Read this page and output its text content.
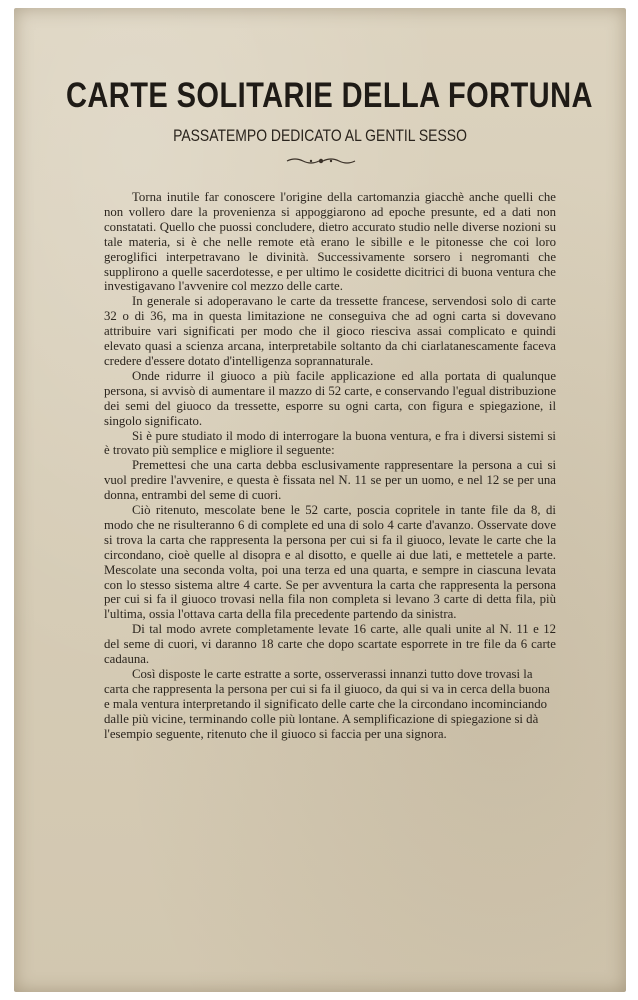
CARTE SOLITARIE DELLA FORTUNA
PASSATEMPO DEDICATO AL GENTIL SESSO

Torna inutile far conoscere l'origine della cartomanzia giacchè anche quelli che non vollero dare la provenienza si appoggiarono ad epoche presunte, ed a dati non constatati. Quello che puossi concludere, dietro accurato studio nelle diverse nozioni su tale materia, si è che nelle remote età erano le sibille e le pitonesse che coi loro geroglifici interpetravano le divinità. Successivamente sorsero i negromanti che supplirono a quelle sacerdotesse, e per ultimo le cosidette dicitrici di buona ventura che investigavano l'avvenire col mezzo delle carte.

In generale si adoperavano le carte da tressette francese, servendosi solo di carte 32 o di 36, ma in questa limitazione ne conseguiva che ad ogni carta si dovevano attribuire vari significati per modo che il gioco riesciva assai complicato e quindi elevato quasi a scienza arcana, interpretabile soltanto da chi ciarlatanescamente faceva credere d'essere dotato d'intelligenza soprannaturale.

Onde ridurre il giuoco a più facile applicazione ed alla portata di qualunque persona, si avvisò di aumentare il mazzo di 52 carte, e conservando l'egual distribuzione dei semi del giuoco da tressette, esporre su ogni carta, con figura e spiegazione, il singolo significato.

Si è pure studiato il modo di interrogare la buona ventura, e fra i diversi sistemi si è trovato più semplice e migliore il seguente:

Premettesi che una carta debba esclusivamente rappresentare la persona a cui si vuol predire l'avvenire, e questa è fissata nel N. 11 se per un uomo, e nel 12 se per una donna, entrambi del seme di cuori.

Ciò ritenuto, mescolate bene le 52 carte, poscia copritele in tante file da 8, di modo che ne risulteranno 6 di complete ed una di solo 4 carte d'avanzo. Osservate dove si trova la carta che rappresenta la persona per cui si fa il giuoco, levate le carte che la circondano, cioè quelle al disopra e al disotto, e quelle ai due lati, e mettetele a parte. Mescolate una seconda volta, poi una terza ed una quarta, e sempre in ciascuna levata con lo stesso sistema altre 4 carte. Se per avventura la carta che rappresenta la persona per cui si fa il giuoco trovasi nella fila non completa si levano 3 carte di detta fila, più l'ultima, ossia l'ottava carta della fila precedente partendo da sinistra.

Di tal modo avrete completamente levate 16 carte, alle quali unite al N. 11 e 12 del seme di cuori, vi daranno 18 carte che dopo scartate esporrete in tre file da 6 carte cadauna.

Così disposte le carte estratte a sorte, osserverassi innanzi tutto dove trovasi la carta che rappresenta la persona per cui si fa il giuoco, da qui si va in cerca della buona e mala ventura interpretando il significato delle carte che la circondano incominciando dalle più vicine, terminando colle più lontane. A semplificazione di spiegazione si dà l'esempio seguente, ritenuto che il giuoco si faccia per una signora.
